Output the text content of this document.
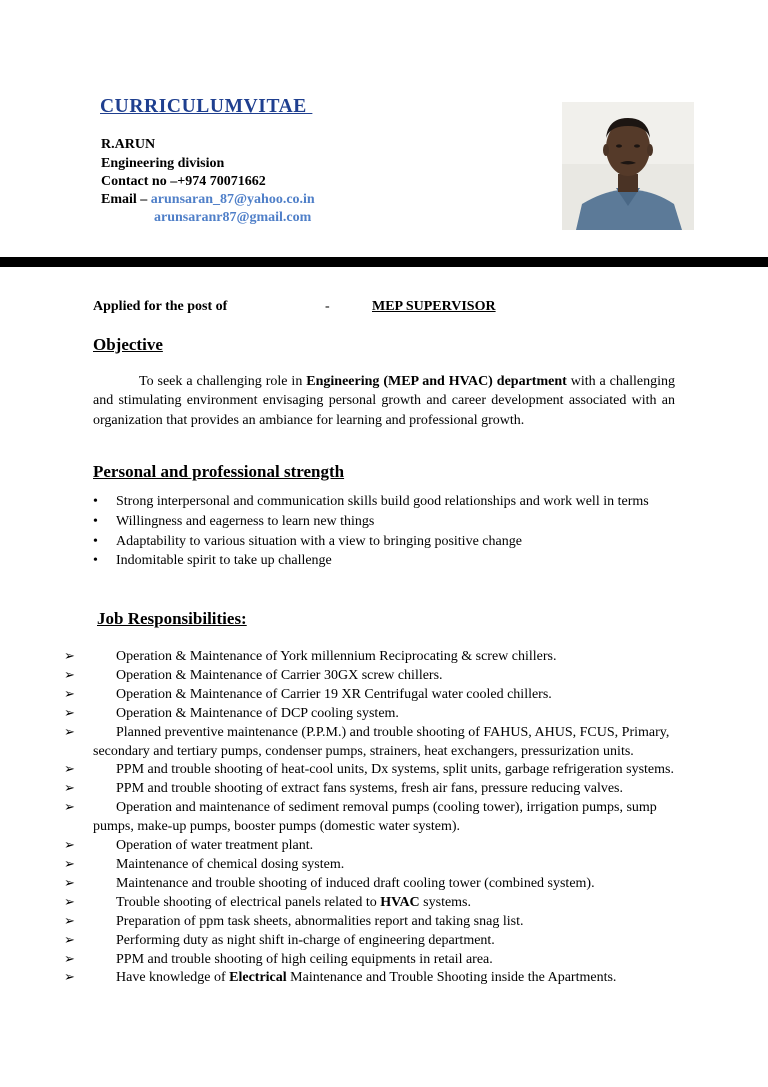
CURRICULUMVITAE
R.ARUN
Engineering division
Contact no –+974 70071662
Email – arunsaran_87@yahoo.co.in
arunsaranr87@gmail.com
Applied for the post of	-	MEP SUPERVISOR
Objective
To seek a challenging role in Engineering (MEP and HVAC) department with a challenging and stimulating environment envisaging personal growth and career development associated with an organization that provides an ambiance for learning and professional growth.
Personal and professional strength
• Strong interpersonal and communication skills build good relationships and work well in terms
• Willingness and eagerness to learn new things
• Adaptability to various situation with a view to bringing positive change
• Indomitable spirit to take up challenge
Job Responsibilities:
➢	Operation & Maintenance of York millennium Reciprocating & screw chillers.
➢	Operation & Maintenance of Carrier 30GX screw chillers.
➢	Operation & Maintenance of Carrier 19 XR Centrifugal water cooled chillers.
➢	Operation & Maintenance of DCP cooling system.
➢	Planned preventive maintenance (P.P.M.) and trouble shooting of FAHUS, AHUS, FCUS, Primary, secondary and tertiary pumps, condenser pumps, strainers, heat exchangers, pressurization units.
➢	PPM and trouble shooting of heat-cool units, Dx systems, split units, garbage refrigeration systems.
➢	PPM and trouble shooting of extract fans systems, fresh air fans, pressure reducing valves.
➢	Operation and maintenance of sediment removal pumps (cooling tower), irrigation pumps, sump pumps, make-up pumps, booster pumps (domestic water system).
➢	Operation of water treatment plant.
➢	Maintenance of chemical dosing system.
➢	Maintenance and trouble shooting of induced draft cooling tower (combined system).
➢	Trouble shooting of electrical panels related to HVAC systems.
➢	Preparation of ppm task sheets, abnormalities report and taking snag list.
➢	Performing duty as night shift in-charge of engineering department.
➢	PPM and trouble shooting of high ceiling equipments in retail area.
➢	Have knowledge of Electrical Maintenance and Trouble Shooting inside the Apartments.
